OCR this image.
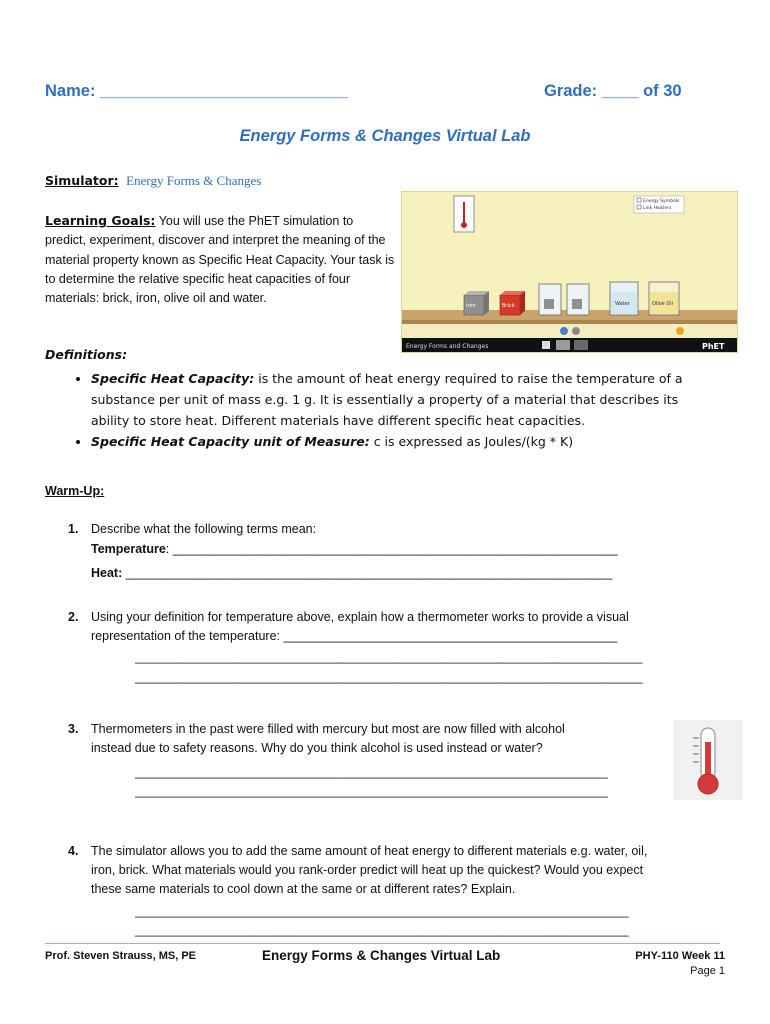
Name: ___________________________	Grade: ____ of 30
Energy Forms & Changes Virtual Lab
Simulator: Energy Forms & Changes
Learning Goals: You will use the PhET simulation to predict, experiment, discover and interpret the meaning of the material property known as Specific Heat Capacity. Your task is to determine the relative specific heat capacities of four materials: brick, iron, olive oil and water.
Energy Forms and Changes	PhET
Energy Symbols
Link Heaters
Iron	Brick	Water	Olive Oil
Definitions:
• Specific Heat Capacity: is the amount of heat energy required to raise the temperature of a substance per unit of mass e.g. 1 g. It is essentially a property of a material that describes its ability to store heat. Different materials have different specific heat capacities.
• Specific Heat Capacity unit of Measure: c is expressed as Joules/(kg * K)
Warm-Up:
1. Describe what the following terms mean:
Temperature: ________________________________________________________________
Heat: ______________________________________________________________________
2. Using your definition for temperature above, explain how a thermometer works to provide a visual
representation of the temperature: ________________________________________________
_________________________________________________________________________
_________________________________________________________________________
3. Thermometers in the past were filled with mercury but most are now filled with alcohol
instead due to safety reasons. Why do you think alcohol is used instead or water?
____________________________________________________________________
____________________________________________________________________
4. The simulator allows you to add the same amount of heat energy to different materials e.g. water, oil,
iron, brick. What materials would you rank-order predict will heat up the quickest? Would you expect
these same materials to cool down at the same or at different rates? Explain.
_______________________________________________________________________
_______________________________________________________________________
Prof. Steven Strauss, MS, PE	Energy Forms & Changes Virtual Lab	PHY-110 Week 11
Page 1
